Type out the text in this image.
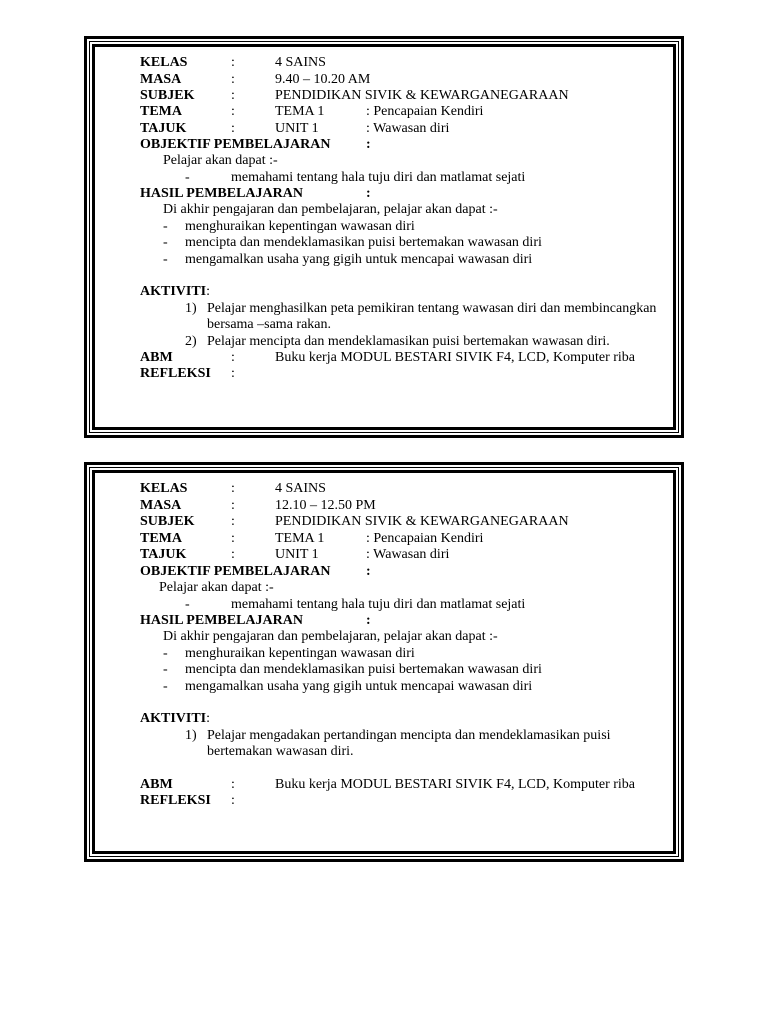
KELAS	:	4 SAINS
MASA	:	9.40 – 10.20 AM
SUBJEK	:	PENDIDIKAN SIVIK & KEWARGANEGARAAN
TEMA	:	TEMA 1	: Pencapaian Kendiri
TAJUK	:	UNIT 1	: Wawasan diri
OBJEKTIF PEMBELAJARAN	:
Pelajar akan dapat :-
-	memahami tentang hala tuju diri dan matlamat sejati
HASIL PEMBELAJARAN	:
Di akhir pengajaran dan pembelajaran, pelajar akan dapat :-
- menghuraikan kepentingan wawasan diri
- mencipta dan mendeklamasikan puisi bertemakan wawasan diri
- mengamalkan usaha yang gigih untuk mencapai wawasan diri
AKTIVITI:
1) Pelajar menghasilkan peta pemikiran tentang wawasan diri dan membincangkan
bersama –sama rakan.
2) Pelajar mencipta dan mendeklamasikan puisi bertemakan wawasan diri.
ABM	:	Buku kerja MODUL BESTARI SIVIK F4, LCD, Komputer riba
REFLEKSI :
KELAS	:	4 SAINS
MASA	:	12.10 – 12.50 PM
SUBJEK	:	PENDIDIKAN SIVIK & KEWARGANEGARAAN
TEMA	:	TEMA 1	: Pencapaian Kendiri
TAJUK	:	UNIT 1	: Wawasan diri
OBJEKTIF PEMBELAJARAN	:
Pelajar akan dapat :-
-	memahami tentang hala tuju diri dan matlamat sejati
HASIL PEMBELAJARAN	:
Di akhir pengajaran dan pembelajaran, pelajar akan dapat :-
- menghuraikan kepentingan wawasan diri
- mencipta dan mendeklamasikan puisi bertemakan wawasan diri
- mengamalkan usaha yang gigih untuk mencapai wawasan diri
AKTIVITI:
1) Pelajar mengadakan pertandingan mencipta dan mendeklamasikan puisi
bertemakan wawasan diri.
ABM	:	Buku kerja MODUL BESTARI SIVIK F4, LCD, Komputer riba
REFLEKSI :
